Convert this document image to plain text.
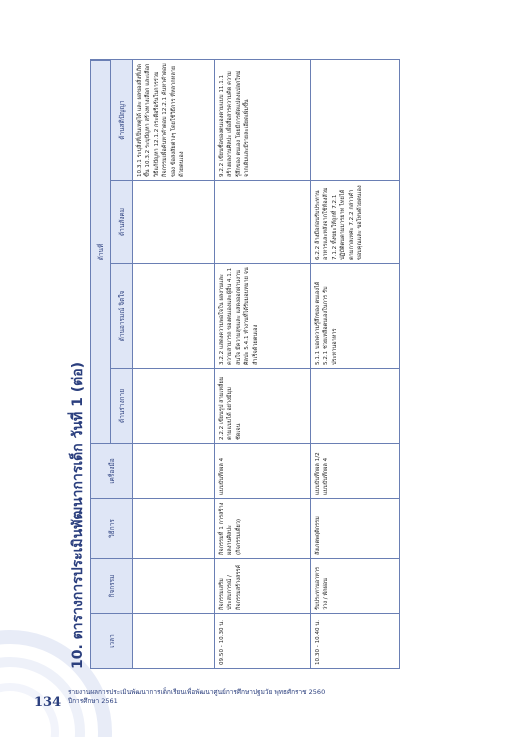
134
รายงานผลการประเมินพัฒนาการเด็กเรียนเพื่อพัฒนาศูนย์การศึกษาปฐมวัย พุทธศักราช 2560
ปีการศึกษา 2561
10. ตารางการประเมินพัฒนาการเด็ก วันที่ 1 (ต่อ)	เวลา
กิจกรรม
วิธีการ
เครื่องมือ
ด้านที่
ด้านร่างกาย
ด้านอารมณ์ จิตใจ
ด้านสังคม
ด้านสติปัญญา	10.3.1 ระบุสิ่งที่เป็นเหตุได้ และ ผลของสิ่งที่เกิดขึ้น 10.3.2 ระบุปัญหา สร้างทางเลือก และเลือกวิธีแก้ปัญหา 12.1.2 กระตือรือร้นในการร่วม กิจกรรมเพื่อค้นหาคำตอบ 12.2.1 ค้นหาคำตอบของ ข้อสงสัยต่างๆ โดยใช้วิธีการ ที่หลากหลายด้วยตนเอง
09.50 - 10.30 น.
กิจกรรมเสริมประสบการณ์ / กิจกรรมสร้างสรรค์
กิจกรรมที่ 1 การสร้างผลงานศิลปะ (กิจกรรมเดี่ยว)
แบบบันทึกผล 4
2.2.2 เขียนรูป สามเหลี่ยมตามแบบได้ อย่างมีมุมชัดเจน
3.2.2 แสดงความพอใจใน ผลงานและความสามารถ ของตนเองและผู้อื่น 4.1.1 สนใจ มีความสุขและ แสดงออกผ่านงานศิลปะ 5.4.1 ทำงานที่ได้รับมอบหมาย จนสำเร็จด้วยตนเอง
9.2.2 เขียนชื่อของตนเองตามแบบ 11.1.1 สร้างผลงานศิลปะ เพื่อสื่อสารความคิด ความรู้สึกของ ตนเอง โดยมีการดัดแปลงแปลกใหม่ จากเดิมและมีรายละเอียดเพิ่มขึ้น
10.30 - 10.40 น.
รับประทานอาหารว่าง / พักผ่อน
สังเกตพฤติกรรม
แบบบันทึกผล 1/2 แบบบันทึกผล 4
5.1.1 บอกความรู้สึกของ ตนเองได้ 5.2.1 ช่วยเหลือตนเองในการ รับประทานอาหาร
6.2.2 ล้างมือก่อนรับประทาน อาหารและหลังจากใช้ห้องส้วม 7.1.2 ทิ้งขยะให้ถูกที่ 7.2.1 ปฏิบัติตนตามมารยาท ไทยได้ตามกาลเทศะ 7.2.2 กล่าวคำขอบคุณและ ขอโทษด้วยตนเอง
